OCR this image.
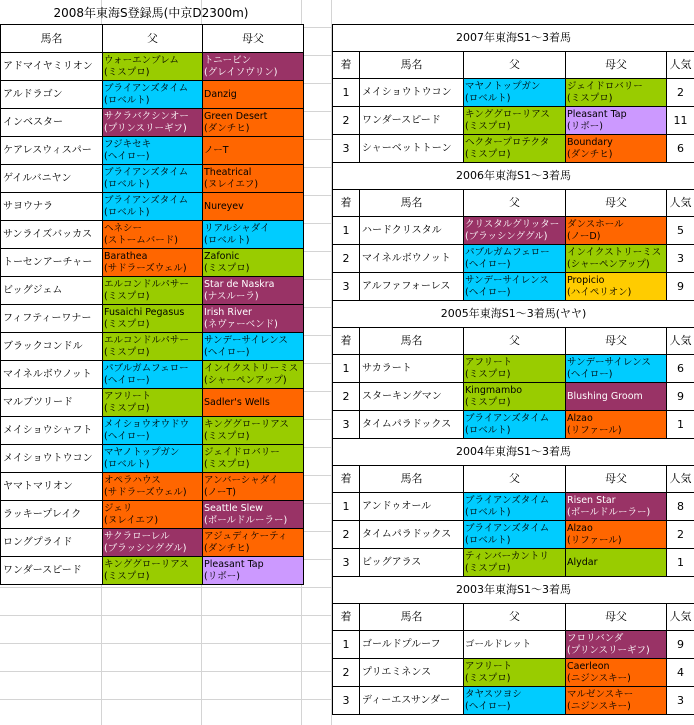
2008年東海S登録馬(中京D2300m)
馬名	父	母父
アドマイヤミリオン	ウォーエンブレム
(ミスプロ)	トニービン
(グレイソヴリン)

アルドラゴン	ブライアンズタイム
(ロベルト)	Danzig

インベスター	サクラバクシンオー
(プリンスリーギフ)	Green Desert
(ダンチヒ)

ケアレスウィスパー	フジキセキ
(ヘイロー)	ノーT

ゲイルバニヤン	ブライアンズタイム
(ロベルト)	Theatrical
(ヌレイエフ)

サヨウナラ	ブライアンズタイム
(ロベルト)	Nureyev

サンライズバッカス	ヘネシー
(ストームバード)	リアルシャダイ
(ロベルト)

トーセンアーチャー	Barathea
(サドラーズウェル)	Zafonic
(ミスプロ)

ビッグジェム	エルコンドルパサー
(ミスプロ)	Star de Naskra
(ナスルーラ)

フィフティーワナー	Fusaichi Pegasus
(ミスプロ)	Irish River
(ネヴァーベンド)

ブラックコンドル	エルコンドルパサー
(ミスプロ)	サンデーサイレンス
(ヘイロー)

マイネルボウノット	パブルガムフェロー
(ヘイロー)	インイクストリーミス
(シャーペンアップ)

マルブツリード	アフリート
(ミスプロ)	Sadler's Wells

メイショウシャフト	メイショウオウドウ
(ヘイロー)	キンググローリアス
(ミスプロ)

メイショウトウコン	マヤノトップガン
(ロベルト)	ジェイドロバリー
(ミスプロ)

ヤマトマリオン	オペラハウス
(サドラーズウェル)	アンバーシャダイ
(ノーT)

ラッキープレイク	ジェリ
(ヌレイエフ)	Seattle Slew
(ボールドルーラー)

ロングプライド	サクラローレル
(ブラッシンググル)	アジュディケーティ
(ダンチヒ)

ワンダースピード	キンググローリアス
(ミスプロ)	Pleasant Tap
(リボー)
2007年東海S1～3着馬				
着	馬名	父	母父	人気
1	メイショウトウコン	マヤノトップガン
(ロベルト)	ジェイドロバリー
(ミスプロ)	2
2	ワンダースピード	キンググローリアス
(ミスプロ)	Pleasant Tap
(リボー)	11
3	シャーベットトーン	ヘクタープロテクタ
(ミスプロ)	Boundary
(ダンチヒ)	6
2006年東海S1～3着馬				
着	馬名	父	母父	人気
1	ハードクリスタル	クリスタルグリッター
(ブラッシンググル)	ダンスホール
(ノーD)	5
2	マイネルボウノット	パブルガムフェロー
(ヘイロー)	インイクストリーミス
(シャーペンアップ)	3
3	アルファフォーレス	サンデーサイレンス
(ヘイロー)	Propicio
(ハイペリオン)	9
2005年東海S1～3着馬(ヤヤ)				
着	馬名	父	母父	人気
1	サカラート	アフリート
(ミスプロ)	サンデーサイレンス
(ヘイロー)	6
2	スターキングマン	Kingmambo
(ミスプロ)	Blushing Groom	9
3	タイムパラドックス	ブライアンズタイム
(ロベルト)	Alzao
(リファール)	1
2004年東海S1～3着馬				
着	馬名	父	母父	人気
1	アンドゥオール	ブライアンズタイム
(ロベルト)	Risen Star
(ボールドルーラー)	8
2	タイムパラドックス	ブライアンズタイム
(ロベルト)	Alzao
(リファール)	2
3	ビッグアラス	ティンバーカントリ
(ミスプロ)	Alydar	1
2003年東海S1～3着馬				
着	馬名	父	母父	人気
1	ゴールドプルーフ	ゴールドレット	フロリバンダ
(プリンスリーギフ)	9
2	プリエミネンス	アフリート
(ミスプロ)	Caerleon
(ニジンスキー)	4
3	ディーエスサンダー	タヤスツヨシ
(ヘイロー)	マルゼンスキー
(ニジンスキー)	3
